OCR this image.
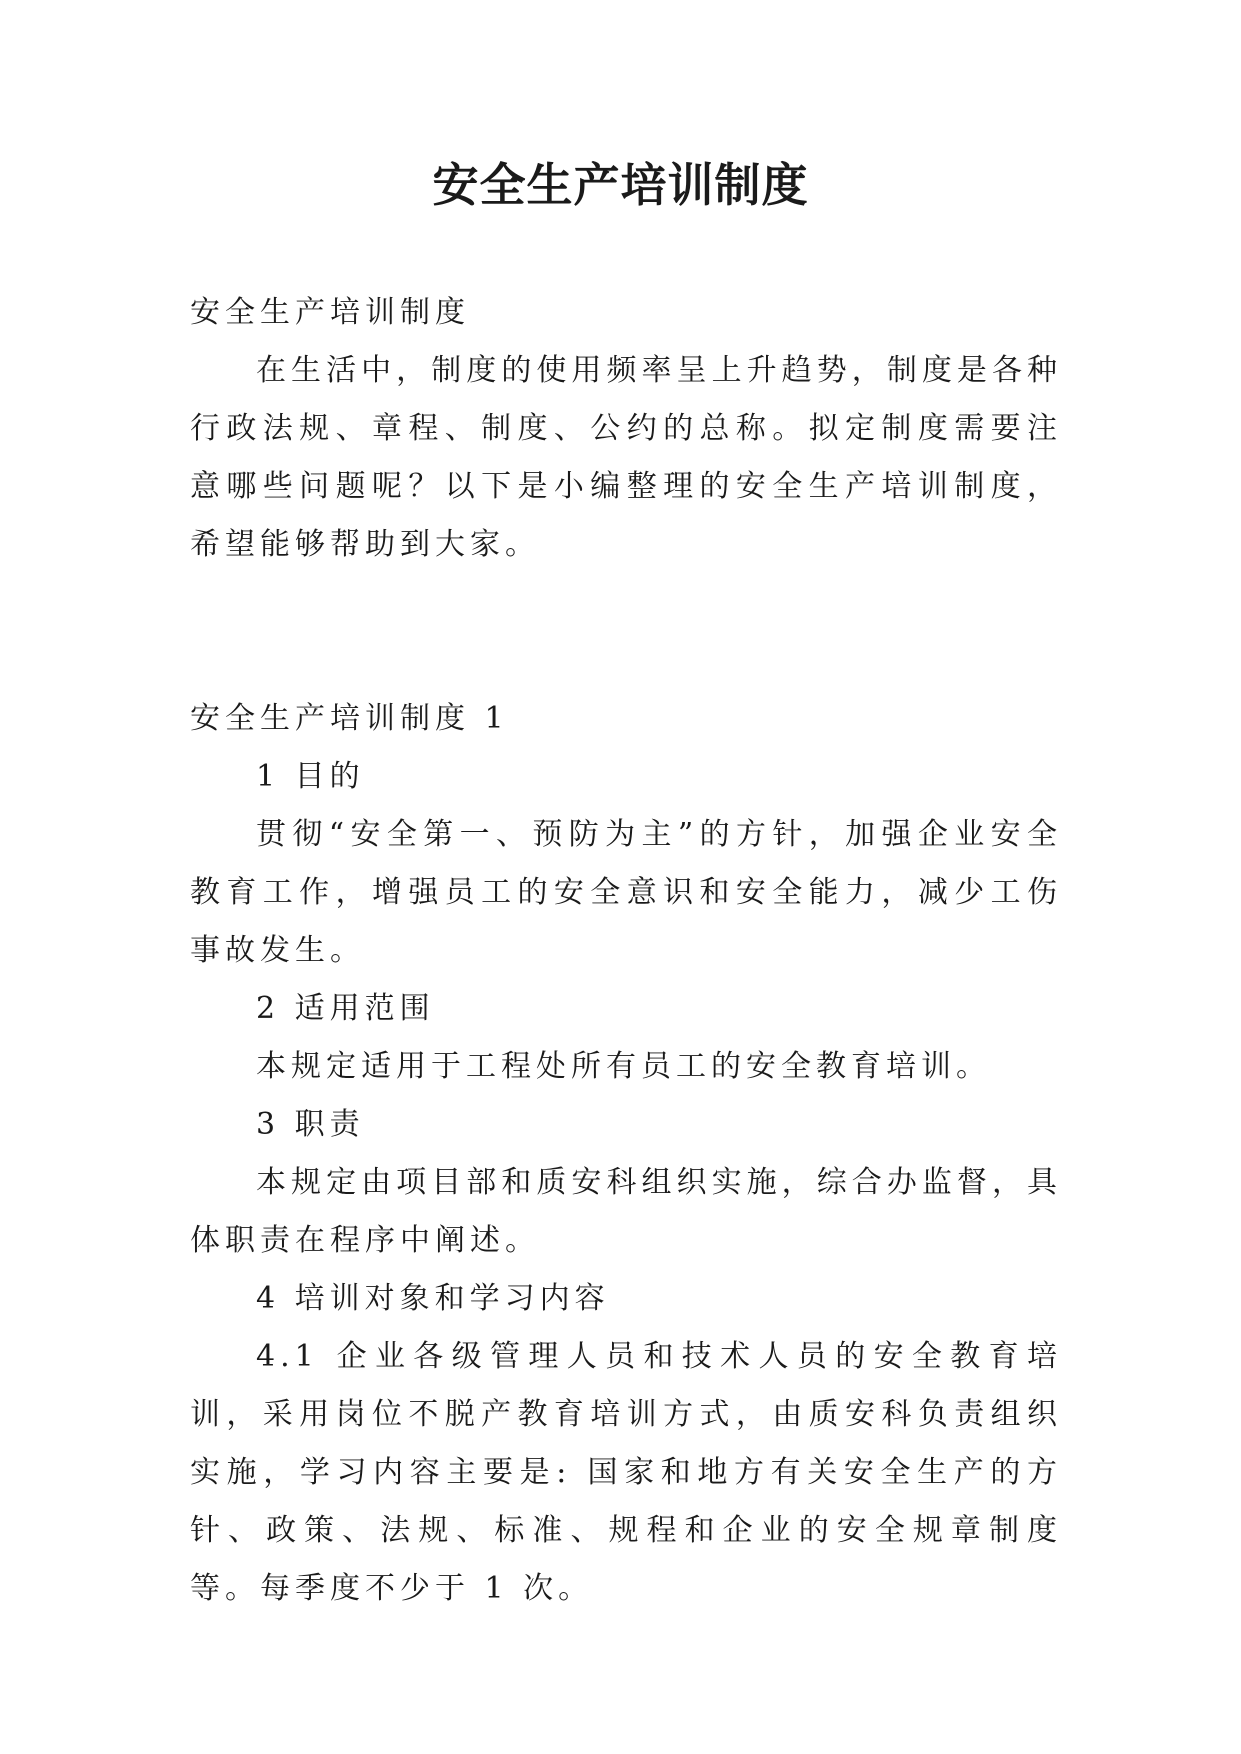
安全生产培训制度

安全生产培训制度

在生活中，制度的使用频率呈上升趋势，制度是各种行政法规、章程、制度、公约的总称。拟定制度需要注意哪些问题呢？以下是小编整理的安全生产培训制度，希望能够帮助到大家。

安全生产培训制度 1

1 目的

贯彻“安全第一、预防为主”的方针，加强企业安全教育工作，增强员工的安全意识和安全能力，减少工伤事故发生。

2 适用范围

本规定适用于工程处所有员工的安全教育培训。

3 职责

本规定由项目部和质安科组织实施，综合办监督，具体职责在程序中阐述。

4 培训对象和学习内容

4.1 企业各级管理人员和技术人员的安全教育培训，采用岗位不脱产教育培训方式，由质安科负责组织实施，学习内容主要是: 国家和地方有关安全生产的方针、政策、法规、标准、规程和企业的安全规章制度等。每季度不少于 1 次。
